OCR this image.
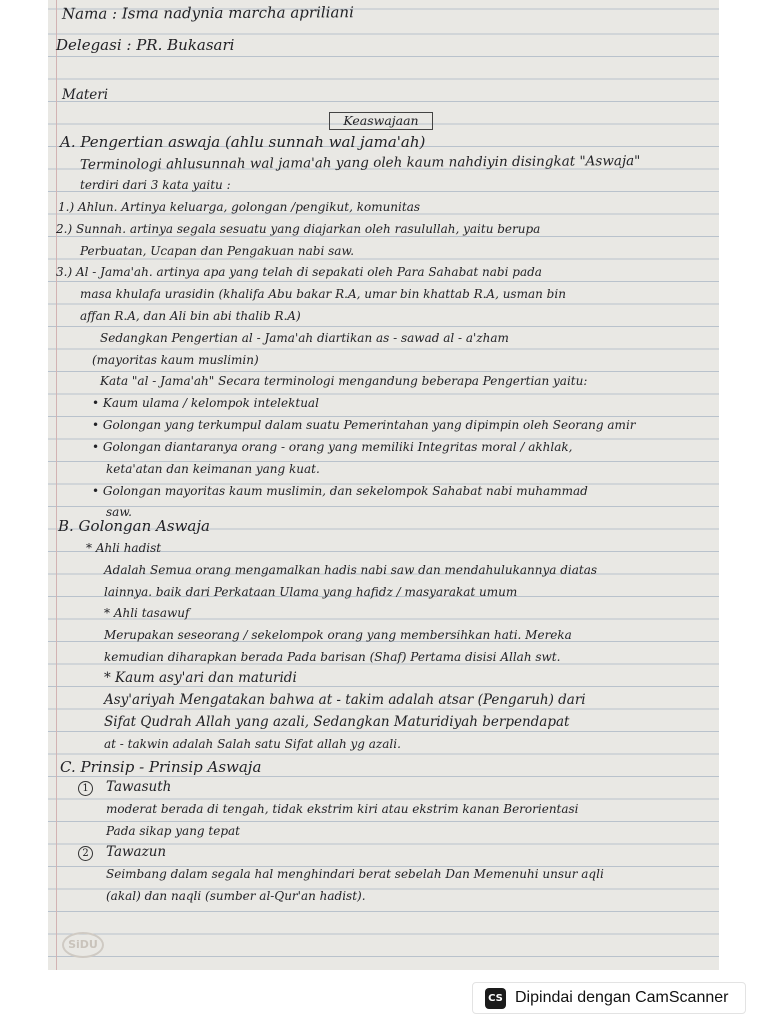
Nama : Isma nadynia marcha apriliani
Delegasi : PR. Bukasari
Materi
Keaswajaan
A. Pengertian aswaja (ahlu sunnah wal jama'ah)
Terminologi ahlusunnah wal jama'ah yang oleh kaum nahdiyin disingkat "Aswaja"
terdiri dari 3 kata yaitu :
1.) Ahlun. Artinya keluarga, golongan /pengikut, komunitas
2.) Sunnah. artinya segala sesuatu yang diajarkan oleh rasulullah, yaitu berupa
Perbuatan, Ucapan dan Pengakuan nabi saw.
3.) Al - Jama'ah. artinya apa yang telah di sepakati oleh Para Sahabat nabi pada
masa khulafa urasidin (khalifa Abu bakar R.A, umar bin khattab R.A, usman bin
affan R.A, dan Ali bin abi thalib R.A)
Sedangkan Pengertian al - Jama'ah diartikan as - sawad al - a'zham
(mayoritas kaum muslimin)
Kata "al - Jama'ah" Secara terminologi mengandung beberapa Pengertian yaitu:
• Kaum ulama / kelompok intelektual
• Golongan yang terkumpul dalam suatu Pemerintahan yang dipimpin oleh Seorang amir
• Golongan diantaranya orang - orang yang memiliki Integritas moral / akhlak,
keta'atan dan keimanan yang kuat.
• Golongan mayoritas kaum muslimin, dan sekelompok Sahabat nabi muhammad
saw.
B. Golongan Aswaja
* Ahli hadist
Adalah Semua orang mengamalkan hadis nabi saw dan mendahulukannya diatas
lainnya. baik dari Perkataan Ulama yang hafidz / masyarakat umum
* Ahli tasawuf
Merupakan seseorang / sekelompok orang yang membersihkan hati. Mereka
kemudian diharapkan berada Pada barisan (Shaf) Pertama disisi Allah swt.
* Kaum asy'ari dan maturidi
Asy'ariyah Mengatakan bahwa at - takim adalah atsar (Pengaruh) dari
Sifat Qudrah Allah yang azali, Sedangkan Maturidiyah berpendapat
at - takwin adalah Salah satu Sifat allah yg azali.
C. Prinsip - Prinsip Aswaja
1	Tawasuth
moderat berada di tengah, tidak ekstrim kiri atau ekstrim kanan Berorientasi
Pada sikap yang tepat
2	Tawazun
Seimbang dalam segala hal menghindari berat sebelah Dan Memenuhi unsur aqli
(akal) dan naqli (sumber al-Qur'an hadist).
SiDU
CS Dipindai dengan CamScanner
